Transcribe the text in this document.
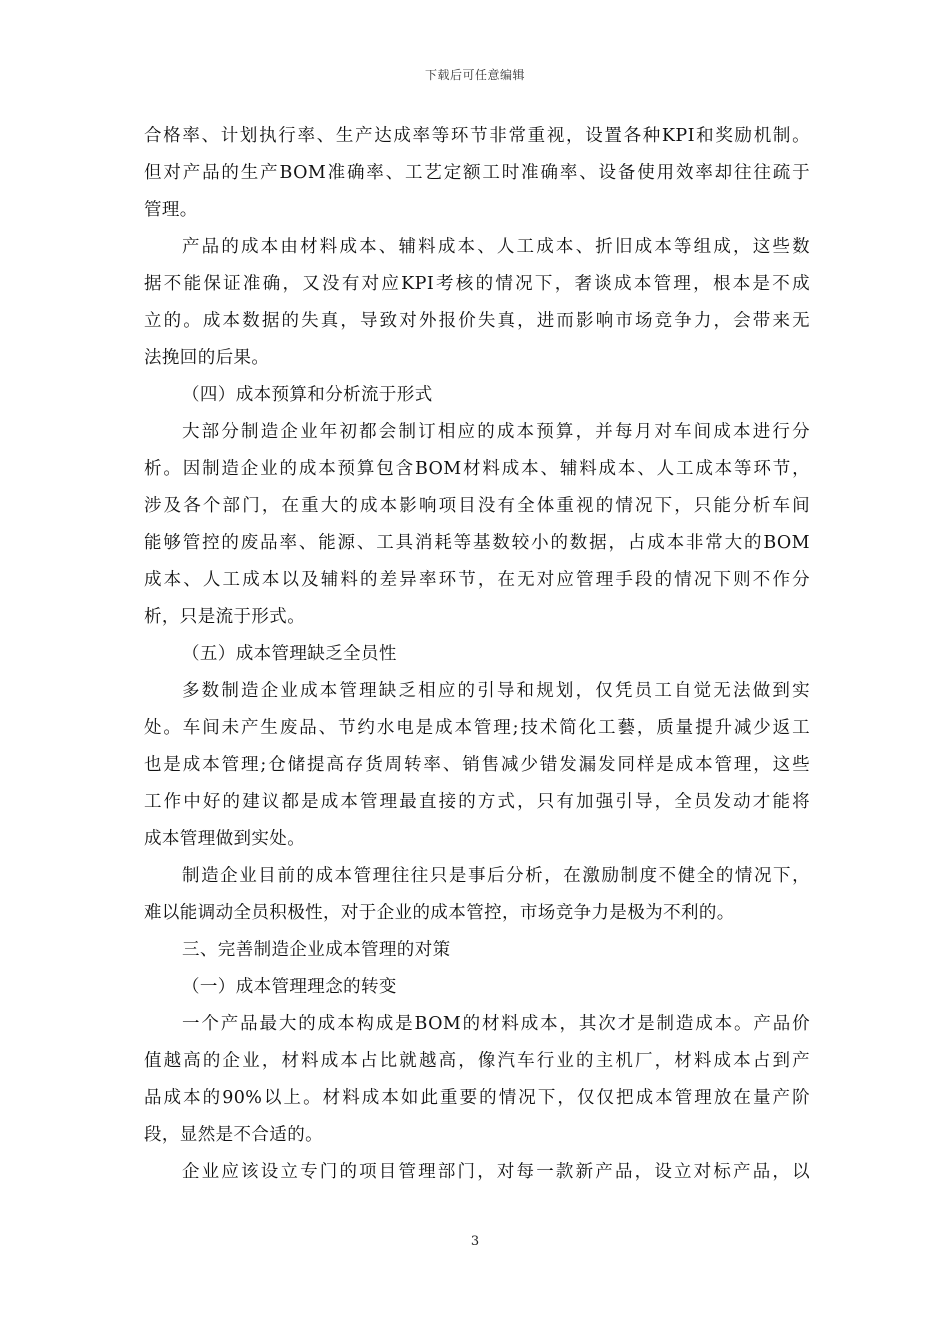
下载后可任意编辑
合格率、计划执行率、生产达成率等环节非常重视，设置各种KPI和奖励机制。
但对产品的生产BOM准确率、工艺定额工时准确率、设备使用效率却往往疏于
管理。
产品的成本由材料成本、辅料成本、人工成本、折旧成本等组成，这些数
据不能保证准确，又没有对应KPI考核的情况下，奢谈成本管理，根本是不成
立的。成本数据的失真，导致对外报价失真，进而影响市场竞争力，会带来无
法挽回的后果。
（四）成本预算和分析流于形式
大部分制造企业年初都会制订相应的成本预算，并每月对车间成本进行分
析。因制造企业的成本预算包含BOM材料成本、辅料成本、人工成本等环节，
涉及各个部门，在重大的成本影响项目没有全体重视的情况下，只能分析车间
能够管控的废品率、能源、工具消耗等基数较小的数据，占成本非常大的BOM
成本、人工成本以及辅料的差异率环节，在无对应管理手段的情况下则不作分
析，只是流于形式。
（五）成本管理缺乏全员性
多数制造企业成本管理缺乏相应的引导和规划，仅凭员工自觉无法做到实
处。车间未产生废品、节约水电是成本管理;技术简化工藝，质量提升减少返工
也是成本管理;仓储提高存货周转率、销售减少错发漏发同样是成本管理，这些
工作中好的建议都是成本管理最直接的方式，只有加强引导，全员发动才能将
成本管理做到实处。
制造企业目前的成本管理往往只是事后分析，在激励制度不健全的情况下，
难以能调动全员积极性，对于企业的成本管控，市场竞争力是极为不利的。
三、完善制造企业成本管理的对策
（一）成本管理理念的转变
一个产品最大的成本构成是BOM的材料成本，其次才是制造成本。产品价
值越高的企业，材料成本占比就越高，像汽车行业的主机厂，材料成本占到产
品成本的90%以上。材料成本如此重要的情况下，仅仅把成本管理放在量产阶
段，显然是不合适的。
企业应该设立专门的项目管理部门，对每一款新产品，设立对标产品，以
3
